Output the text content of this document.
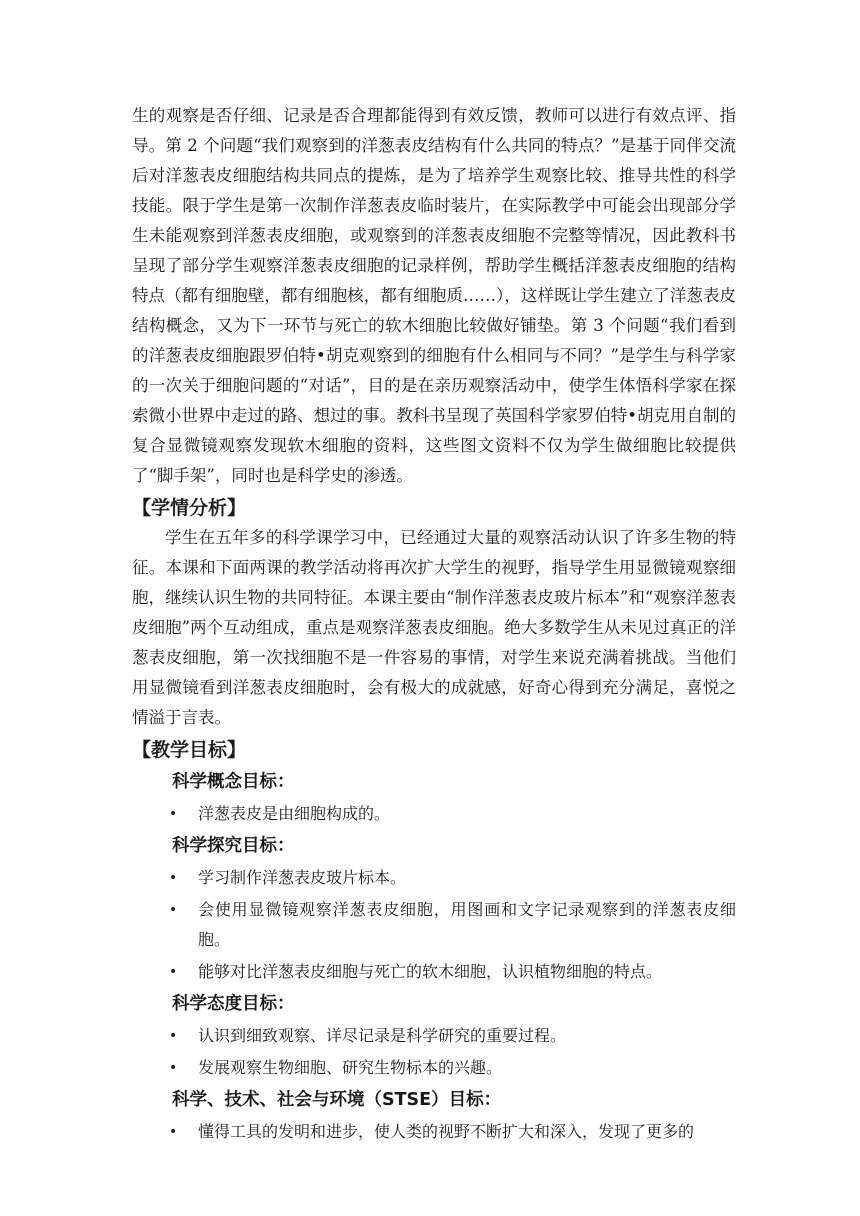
生的观察是否仔细、记录是否合理都能得到有效反馈，教师可以进行有效点评、指导。第 2 个问题“我们观察到的洋葱表皮结构有什么共同的特点？”是基于同伴交流后对洋葱表皮细胞结构共同点的提炼，是为了培养学生观察比较、推导共性的科学技能。限于学生是第一次制作洋葱表皮临时装片，在实际教学中可能会出现部分学生未能观察到洋葱表皮细胞，或观察到的洋葱表皮细胞不完整等情况，因此教科书呈现了部分学生观察洋葱表皮细胞的记录样例，帮助学生概括洋葱表皮细胞的结构特点（都有细胞壁，都有细胞核，都有细胞质……），这样既让学生建立了洋葱表皮结构概念，又为下一环节与死亡的软木细胞比较做好铺垫。第 3 个问题“我们看到的洋葱表皮细胞跟罗伯特•胡克观察到的细胞有什么相同与不同？”是学生与科学家的一次关于细胞问题的“对话”，目的是在亲历观察活动中，使学生体悟科学家在探索微小世界中走过的路、想过的事。教科书呈现了英国科学家罗伯特•胡克用自制的复合显微镜观察发现软木细胞的资料，这些图文资料不仅为学生做细胞比较提供了“脚手架”，同时也是科学史的渗透。

【学情分析】

学生在五年多的科学课学习中，已经通过大量的观察活动认识了许多生物的特征。本课和下面两课的教学活动将再次扩大学生的视野，指导学生用显微镜观察细胞，继续认识生物的共同特征。本课主要由“制作洋葱表皮玻片标本”和“观察洋葱表皮细胞”两个互动组成，重点是观察洋葱表皮细胞。绝大多数学生从未见过真正的洋葱表皮细胞，第一次找细胞不是一件容易的事情，对学生来说充满着挑战。当他们用显微镜看到洋葱表皮细胞时，会有极大的成就感，好奇心得到充分满足，喜悦之情溢于言表。

【教学目标】
科学概念目标：
• 洋葱表皮是由细胞构成的。
科学探究目标：
• 学习制作洋葱表皮玻片标本。
• 会使用显微镜观察洋葱表皮细胞，用图画和文字记录观察到的洋葱表皮细胞。
• 能够对比洋葱表皮细胞与死亡的软木细胞，认识植物细胞的特点。
科学态度目标：
• 认识到细致观察、详尽记录是科学研究的重要过程。
• 发展观察生物细胞、研究生物标本的兴趣。
科学、技术、社会与环境（STSE）目标：
• 懂得工具的发明和进步，使人类的视野不断扩大和深入，发现了更多的
